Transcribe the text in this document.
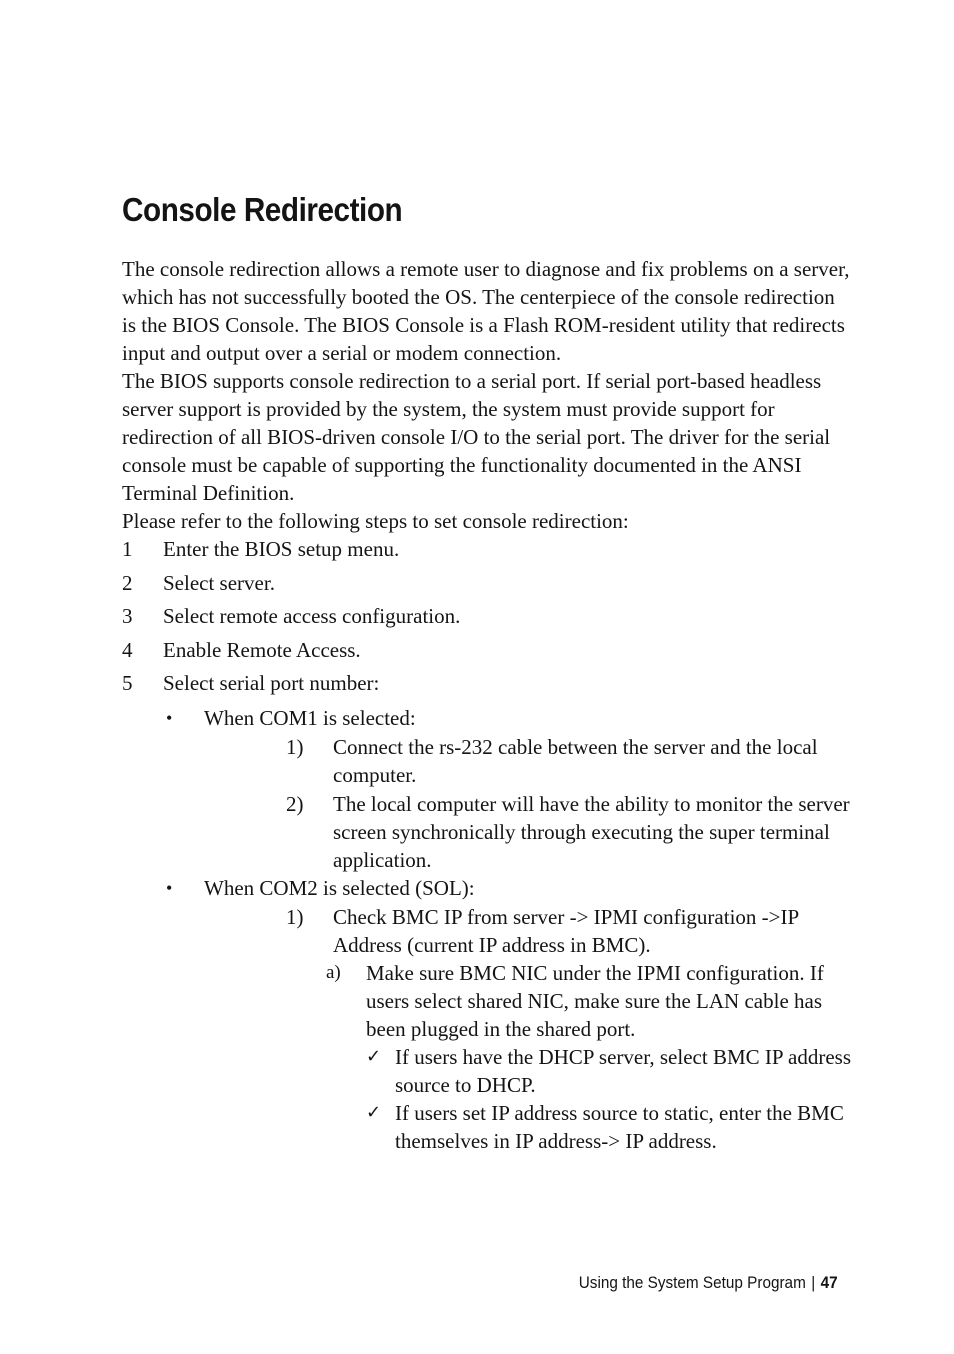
Console Redirection

The console redirection allows a remote user to diagnose and fix problems on a server, which has not successfully booted the OS. The centerpiece of the console redirection is the BIOS Console. The BIOS Console is a Flash ROM-resident utility that redirects input and output over a serial or modem connection.

The BIOS supports console redirection to a serial port. If serial port-based headless server support is provided by the system, the system must provide support for redirection of all BIOS-driven console I/O to the serial port. The driver for the serial console must be capable of supporting the functionality documented in the ANSI Terminal Definition.

Please refer to the following steps to set console redirection:

1 Enter the BIOS setup menu.
2 Select server.
3 Select remote access configuration.
4 Enable Remote Access.
5 Select serial port number:
• When COM1 is selected:
1) Connect the rs-232 cable between the server and the local computer.
2) The local computer will have the ability to monitor the server screen synchronically through executing the super terminal application.
• When COM2 is selected (SOL):
1) Check BMC IP from server -> IPMI configuration ->IP Address (current IP address in BMC).
a) Make sure BMC NIC under the IPMI configuration. If users select shared NIC, make sure the LAN cable has been plugged in the shared port.
✓ If users have the DHCP server, select BMC IP address source to DHCP.
✓ If users set IP address source to static, enter the BMC themselves in IP address-> IP address.
Using the System Setup Program | 47
